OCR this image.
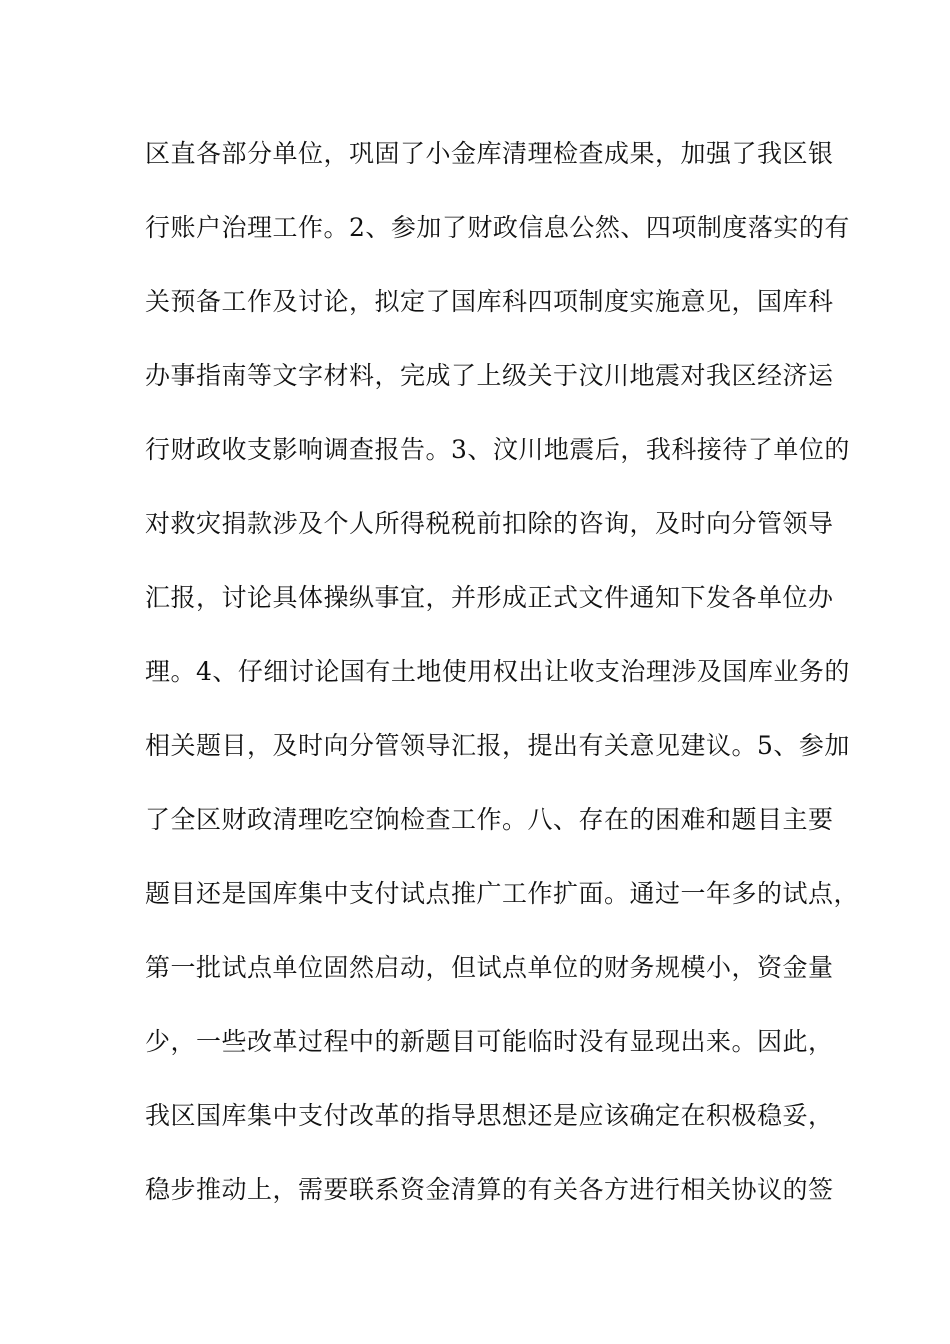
区直各部分单位，巩固了小金库清理检查成果，加强了我区银
行账户治理工作。2、参加了财政信息公然、四项制度落实的有
关预备工作及讨论，拟定了国库科四项制度实施意见，国库科
办事指南等文字材料，完成了上级关于汶川地震对我区经济运
行财政收支影响调查报告。3、汶川地震后，我科接待了单位的
对救灾捐款涉及个人所得税税前扣除的咨询，及时向分管领导
汇报，讨论具体操纵事宜，并形成正式文件通知下发各单位办
理。4、仔细讨论国有土地使用权出让收支治理涉及国库业务的
相关题目，及时向分管领导汇报，提出有关意见建议。5、参加
了全区财政清理吃空饷检查工作。八、存在的困难和题目主要
题目还是国库集中支付试点推广工作扩面。通过一年多的试点，
第一批试点单位固然启动，但试点单位的财务规模小，资金量
少，一些改革过程中的新题目可能临时没有显现出来。因此，
我区国库集中支付改革的指导思想还是应该确定在积极稳妥，
稳步推动上，需要联系资金清算的有关各方进行相关协议的签
